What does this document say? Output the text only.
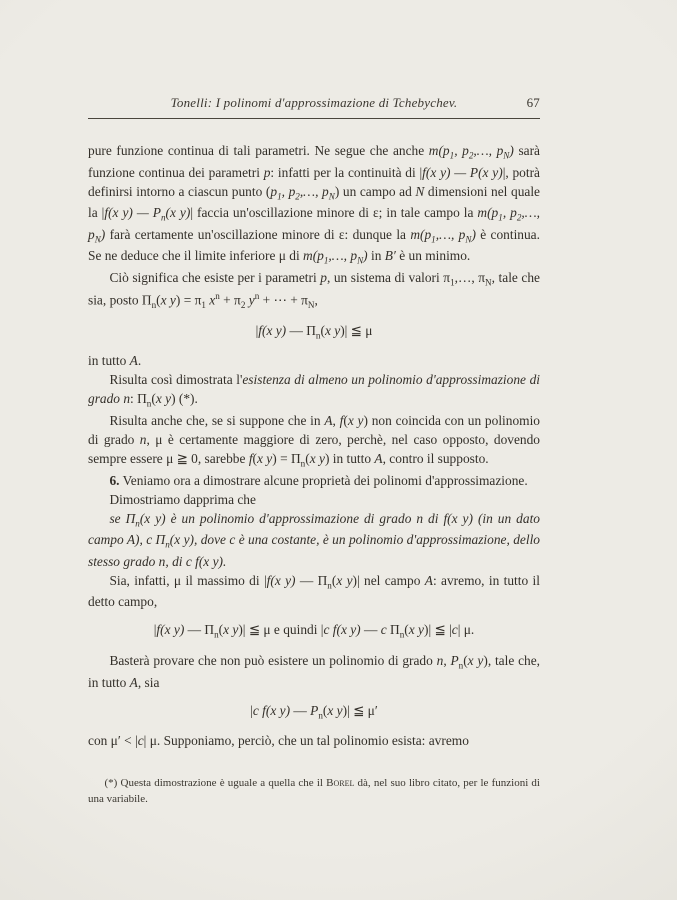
Tonelli: I polinomi d'approssimazione di Tchebychev.	67

pure funzione continua di tali parametri. Ne segue che anche $m(p_1$, $p_2,\dots$, $p_N$) sarà funzione continua dei parametri p: infatti per la continuità di |f(x y) — P(x y)|, potrà definirsi intorno a ciascun punto ($p_1$, $p_2,\dots$, $p_N$) un campo ad N dimensioni nel quale la |f(x y) — $P_n(x$ y)| faccia un'oscillazione minore di ε; in tale campo la $m(p_1$, $p_2,\dots$, $p_N$) farà certamente un'oscillazione minore di ε: dunque la $m(p_1,\dots$, $p_N$) è continua. Se ne deduce che il limite inferiore μ di $m(p_1,\dots$, $p_N$) in B′ è un minimo.

Ciò significa che esiste per i parametri p, un sistema di valori $\pi_1,\dots$, $\pi_N$, tale che sia, posto $\Pi_n(x$ $y) = \pi_1$ $x^n + \pi_2$ $y^n$ + ⋯ + $\pi_N$,

|f(x y) — $\Pi_n(x$ y)| ≦ μ

in tutto A.

Risulta così dimostrata l'esistenza di almeno un polinomio d'approssimazione di grado n: $\Pi_n(x$ y) (*).

Risulta anche che, se si suppone che in A, f(x y) non coincida con un polinomio di grado n, μ è certamente maggiore di zero, perchè, nel caso opposto, dovendo sempre essere μ ≧ 0, sarebbe f(x $y) = \Pi_n(x$ y) in tutto A, contro il supposto.

6. Veniamo ora a dimostrare alcune proprietà dei polinomi d'approssimazione.

Dimostriamo dapprima che

se $\Pi_n(x$ y) è un polinomio d'approssimazione di grado n di f(x y) (in un dato campo A), c $\Pi_n(x$ y), dove c è una costante, è un polinomio d'approssimazione, dello stesso grado n, di c f(x y).

Sia, infatti, μ il massimo di |f(x y) — $\Pi_n(x$ y)| nel campo A: avremo, in tutto il detto campo,

|f(x y) — $\Pi_n(x$ y)| ≦ μ e quindi |c f(x y) — c $\Pi_n(x$ y)| ≦ |c| μ.

Basterà provare che non può esistere un polinomio di grado n, $P_n(x$ y), tale che, in tutto A, sia

|c f(x y) — $P_n(x$ y)| ≦ μ′

con μ′ < |c| μ. Supponiamo, perciò, che un tal polinomio esista: avremo

(*) Questa dimostrazione è uguale a quella che il Borel dà, nel suo libro citato, per le funzioni di una variabile.
